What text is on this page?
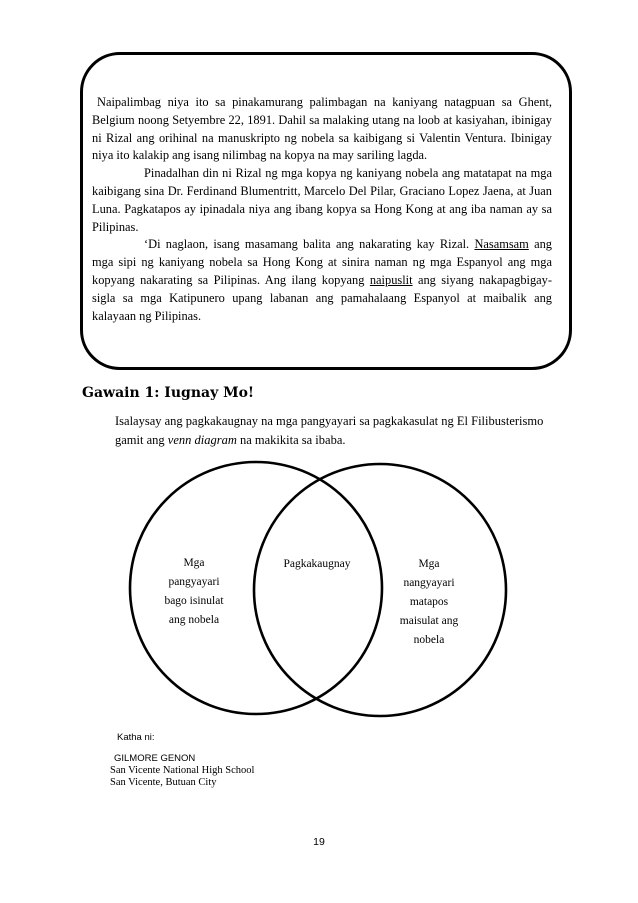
Naipalimbag niya ito sa pinakamurang palimbagan na kaniyang natagpuan sa Ghent, Belgium noong Setyembre 22, 1891. Dahil sa malaking utang na loob at kasiyahan, ibinigay ni Rizal ang orihinal na manuskripto ng nobela sa kaibigang si Valentin Ventura. Ibinigay niya ito kalakip ang isang nilimbag na kopya na may sariling lagda.

Pinadalhan din ni Rizal ng mga kopya ng kaniyang nobela ang matatapat na mga kaibigang sina Dr. Ferdinand Blumentritt, Marcelo Del Pilar, Graciano Lopez Jaena, at Juan Luna. Pagkatapos ay ipinadala niya ang ibang kopya sa Hong Kong at ang iba naman ay sa Pilipinas.

‘Di naglaon, isang masamang balita ang nakarating kay Rizal. Nasamsam ang mga sipi ng kaniyang nobela sa Hong Kong at sinira naman ng mga Espanyol ang mga kopyang nakarating sa Pilipinas. Ang ilang kopyang naipuslit ang siyang nakapagbigay-sigla sa mga Katipunero upang labanan ang pamahalaang Espanyol at maibalik ang kalayaan ng Pilipinas.

Gawain 1: Iugnay Mo!

Isalaysay ang pagkakaugnay na mga pangyayari sa pagkakasulat ng El Filibusterismo gamit ang venn diagram na makikita sa ibaba.

Mga
pangyayari
bago isinulat
ang nobela
Pagkakaugnay	Mga
nangyayari
matapos
maisulat ang
nobela

Katha ni:

GILMORE GENON

San Vicente National High School

San Vicente, Butuan City

19
